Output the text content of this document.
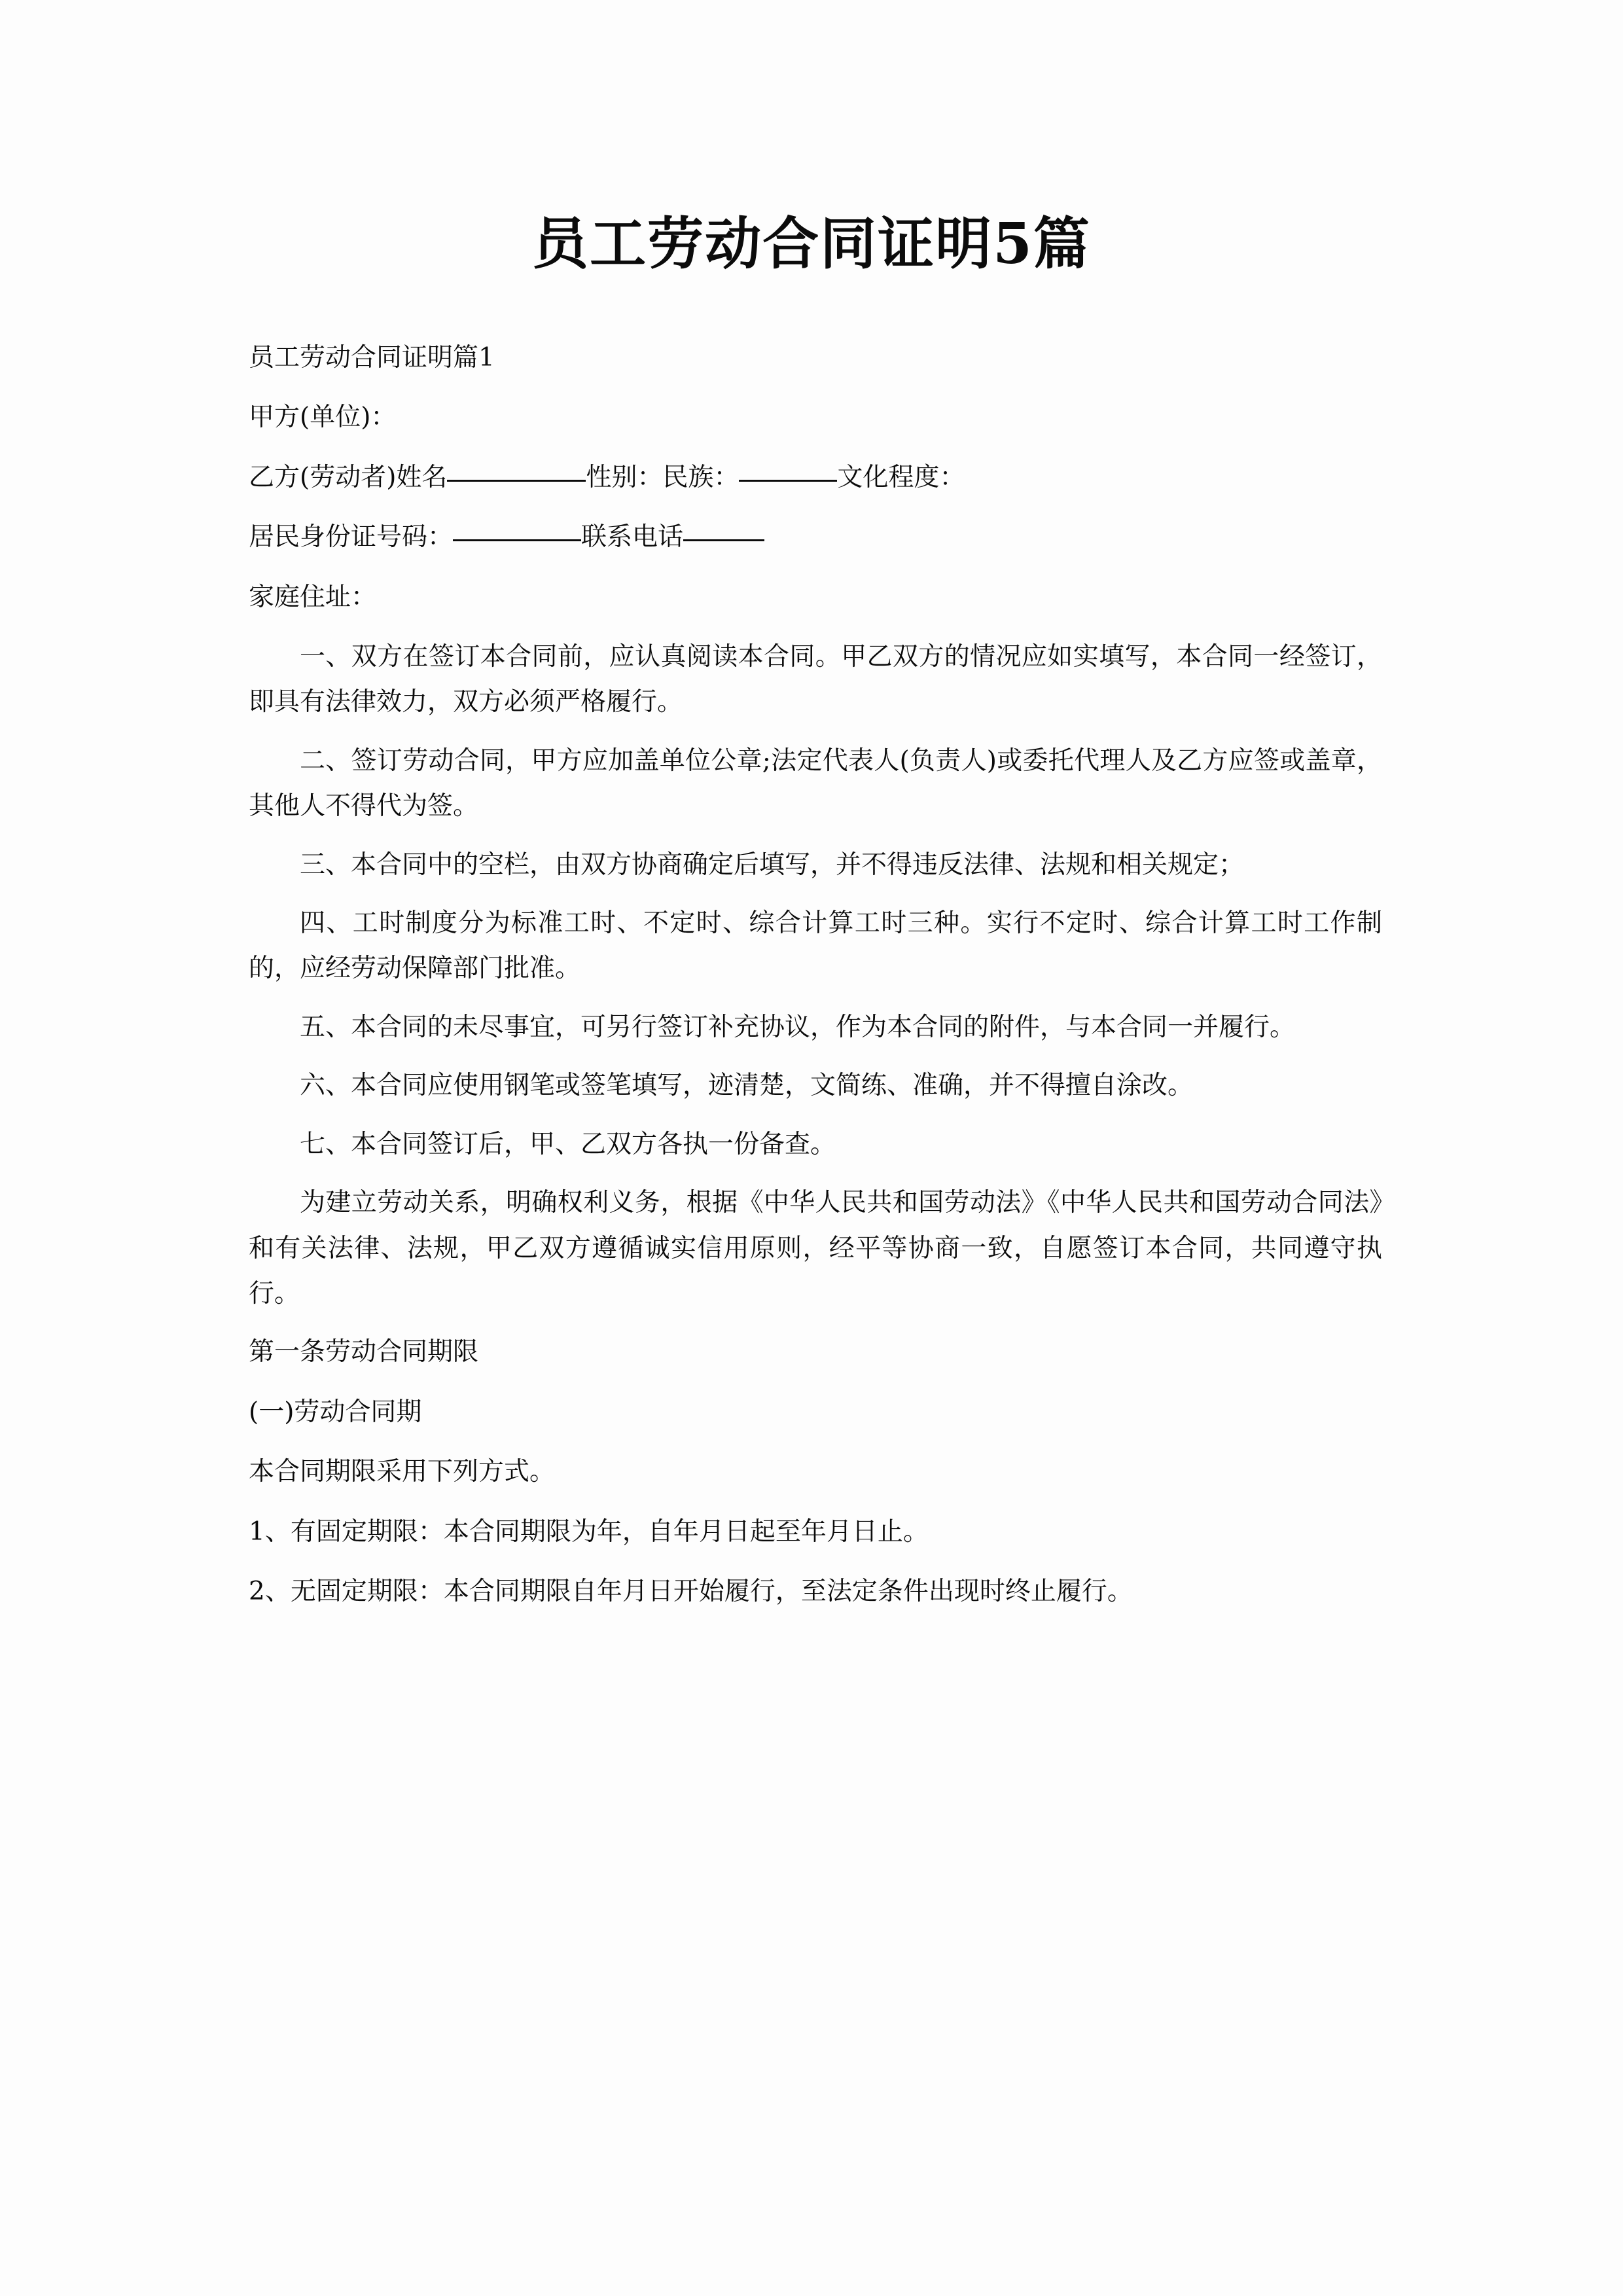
员工劳动合同证明5篇

员工劳动合同证明篇1

甲方(单位)：

乙方(劳动者)姓名	性别：民族：	文化程度：

居民身份证号码：	联系电话

家庭住址：

一、双方在签订本合同前，应认真阅读本合同。甲乙双方的情况应如实填写，本合同一经签订，即具有法律效力，双方必须严格履行。

二、签订劳动合同，甲方应加盖单位公章;法定代表人(负责人)或委托代理人及乙方应签或盖章，其他人不得代为签。

三、本合同中的空栏，由双方协商确定后填写，并不得违反法律、法规和相关规定；

四、工时制度分为标准工时、不定时、综合计算工时三种。实行不定时、综合计算工时工作制的，应经劳动保障部门批准。

五、本合同的未尽事宜，可另行签订补充协议，作为本合同的附件，与本合同一并履行。

六、本合同应使用钢笔或签笔填写，迹清楚，文简练、准确，并不得擅自涂改。

七、本合同签订后，甲、乙双方各执一份备查。

为建立劳动关系，明确权利义务，根据《中华人民共和国劳动法》《中华人民共和国劳动合同法》和有关法律、法规，甲乙双方遵循诚实信用原则，经平等协商一致，自愿签订本合同，共同遵守执行。

第一条劳动合同期限

(一)劳动合同期

本合同期限采用下列方式。

1、有固定期限：本合同期限为年，自年月日起至年月日止。

2、无固定期限：本合同期限自年月日开始履行，至法定条件出现时终止履行。
